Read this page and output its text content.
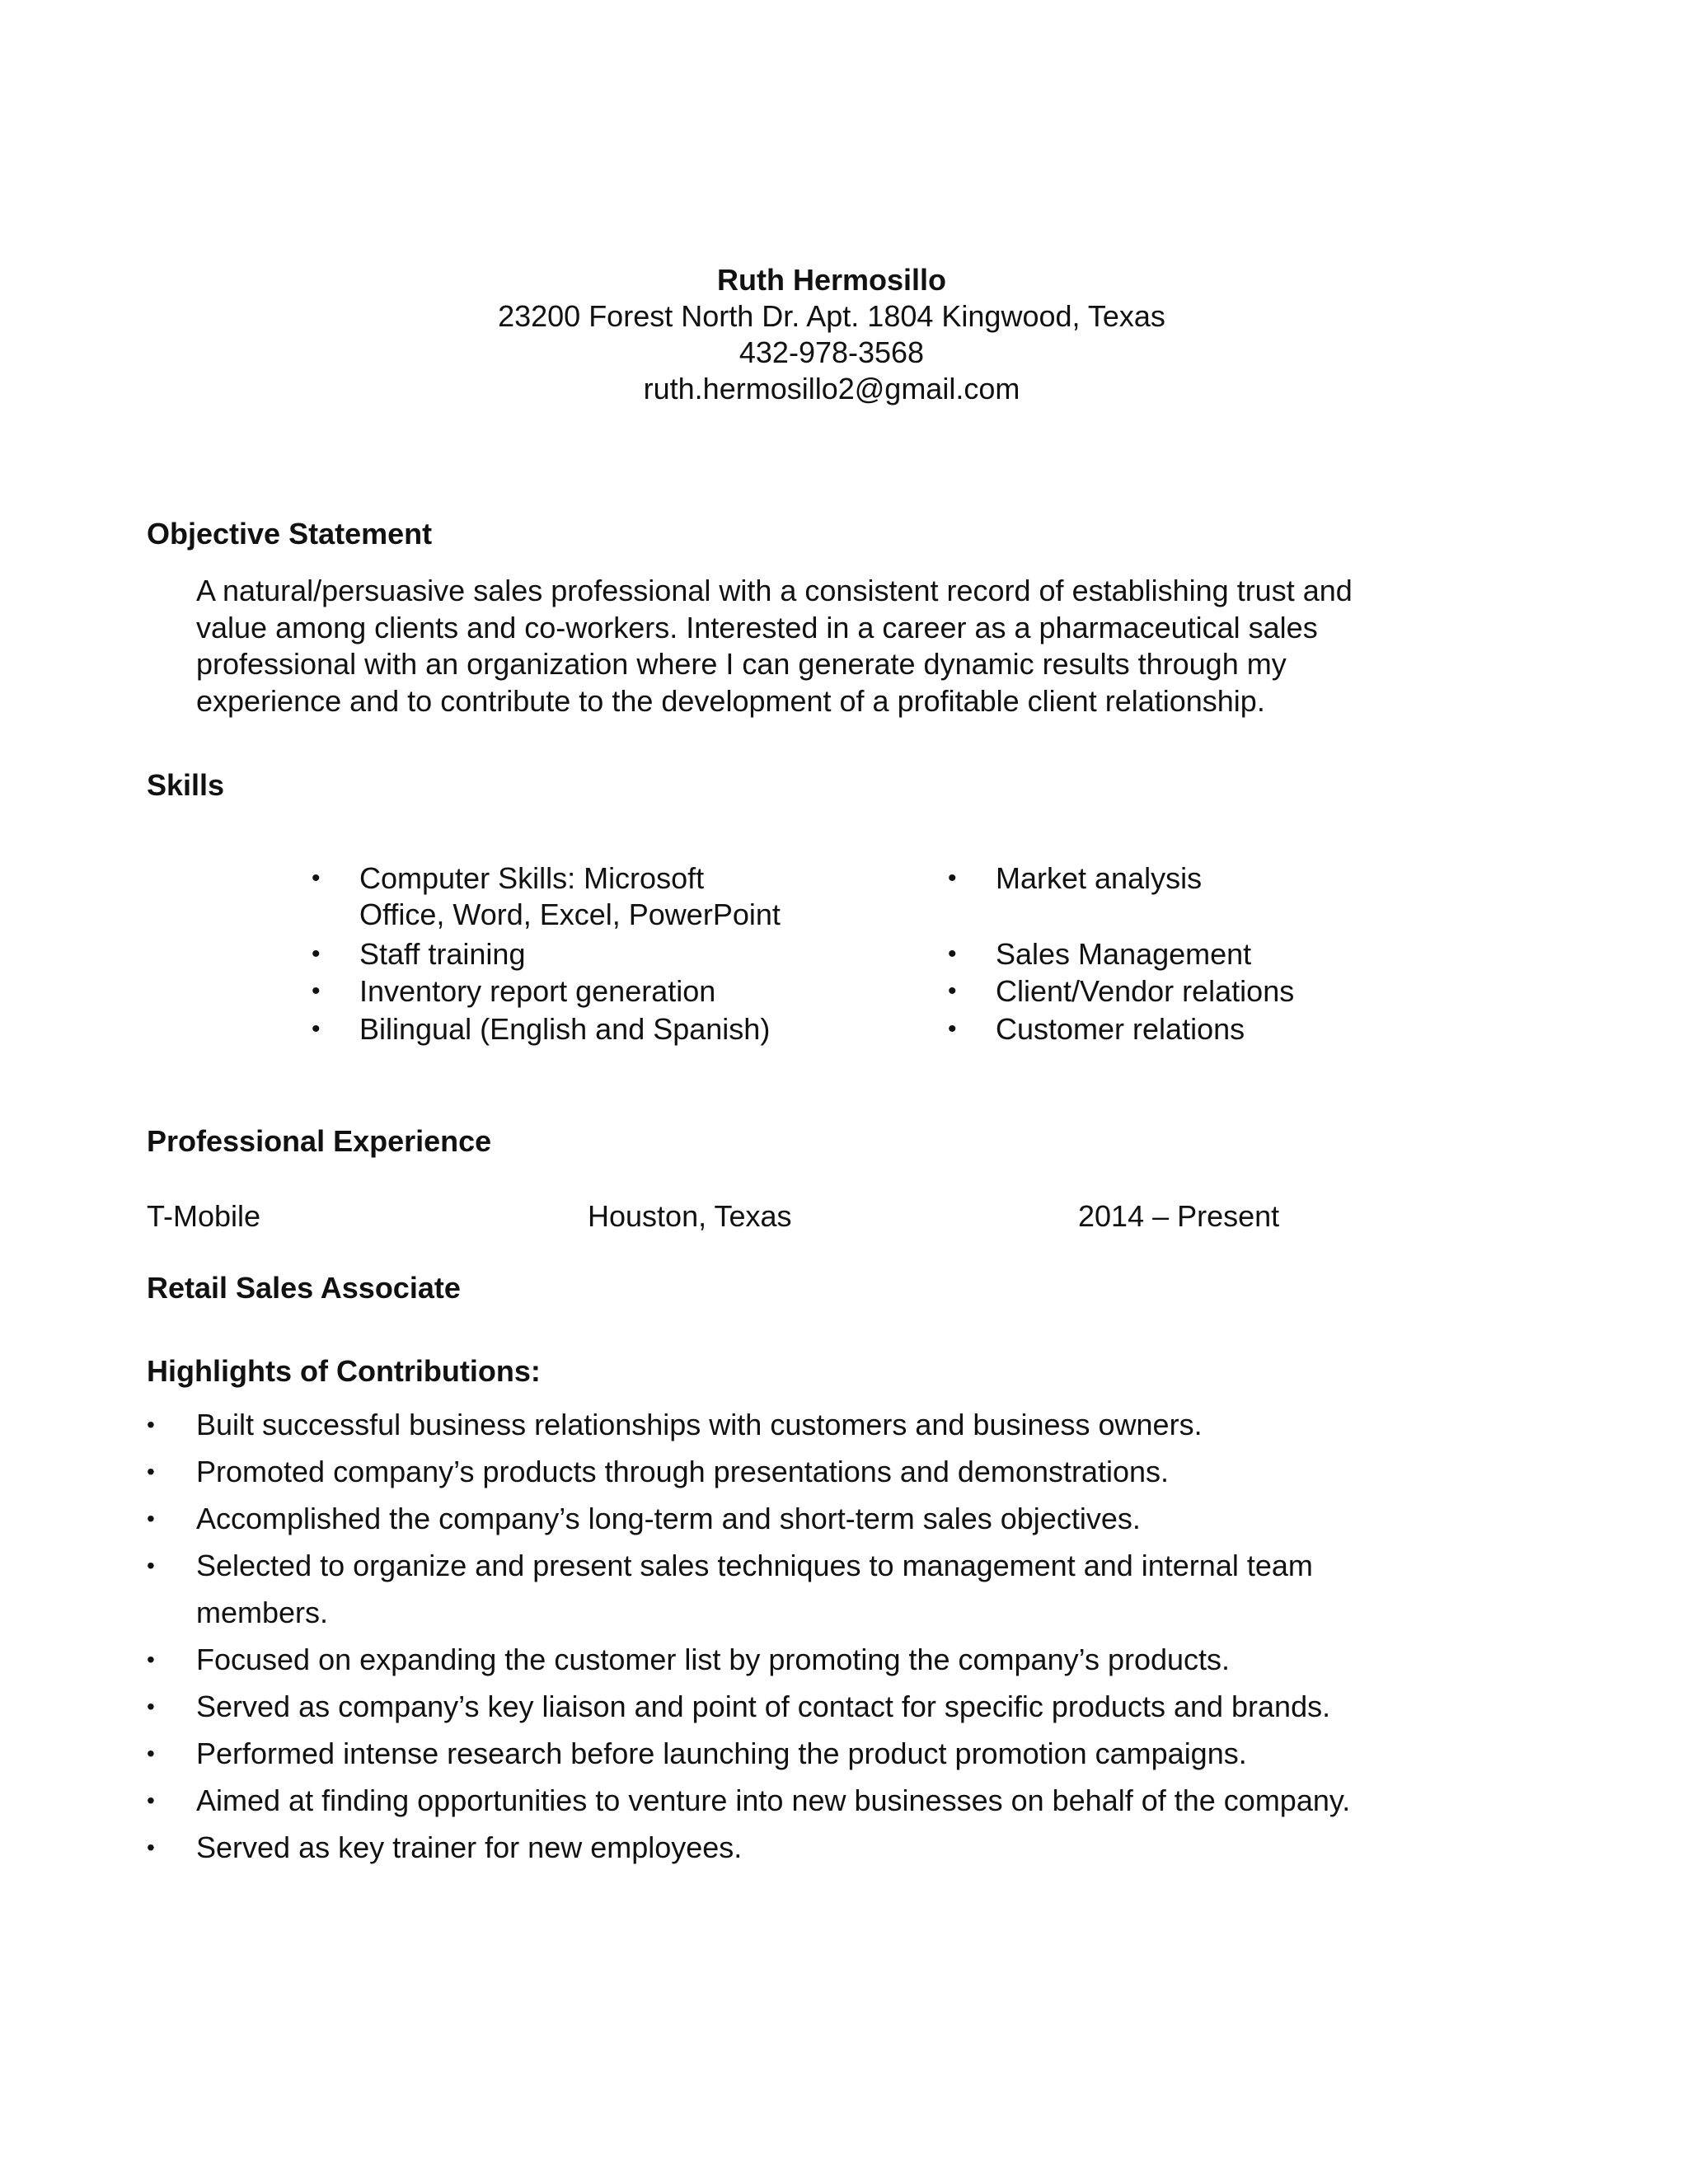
Ruth Hermosillo
23200 Forest North Dr. Apt. 1804 Kingwood, Texas
432-978-3568
ruth.hermosillo2@gmail.com
Objective Statement
A natural/persuasive sales professional with a consistent record of establishing trust and
value among clients and co-workers. Interested in a career as a pharmaceutical sales
professional with an organization where I can generate dynamic results through my
experience and to contribute to the development of a profitable client relationship.
Skills
• Computer Skills: Microsoft
Office, Word, Excel, PowerPoint
• Staff training
• Inventory report generation
• Bilingual (English and Spanish)
• Market analysis
• Sales Management
• Client/Vendor relations
• Customer relations
Professional Experience
T-Mobile	Houston, Texas	2014 – Present
Retail Sales Associate
Highlights of Contributions:
• Built successful business relationships with customers and business owners.
• Promoted company’s products through presentations and demonstrations.
• Accomplished the company’s long-term and short-term sales objectives.
• Selected to organize and present sales techniques to management and internal team members.
• Focused on expanding the customer list by promoting the company’s products.
• Served as company’s key liaison and point of contact for specific products and brands.
• Performed intense research before launching the product promotion campaigns.
• Aimed at finding opportunities to venture into new businesses on behalf of the company.
• Served as key trainer for new employees.
